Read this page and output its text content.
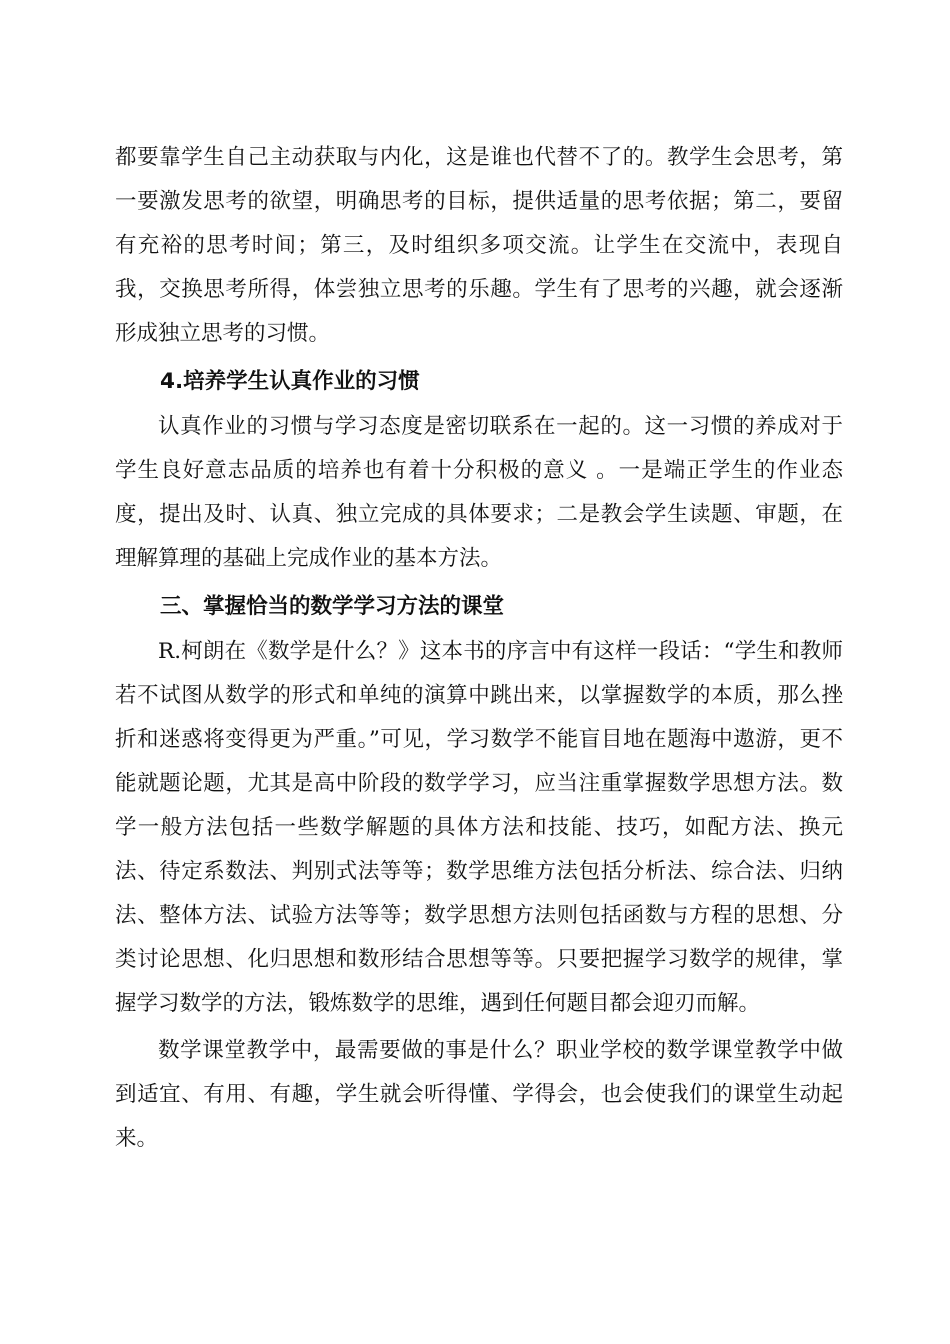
都要靠学生自己主动获取与内化，这是谁也代替不了的。教学生会思考，第一要激发思考的欲望，明确思考的目标，提供适量的思考依据；第二，要留有充裕的思考时间；第三，及时组织多项交流。让学生在交流中，表现自我，交换思考所得，体尝独立思考的乐趣。学生有了思考的兴趣，就会逐渐形成独立思考的习惯。

4.培养学生认真作业的习惯

认真作业的习惯与学习态度是密切联系在一起的。这一习惯的养成对于学生良好意志品质的培养也有着十分积极的意义 。一是端正学生的作业态度，提出及时、认真、独立完成的具体要求；二是教会学生读题、审题，在理解算理的基础上完成作业的基本方法。

三、掌握恰当的数学学习方法的课堂

R.柯朗在《数学是什么？》这本书的序言中有这样一段话：“学生和教师若不试图从数学的形式和单纯的演算中跳出来，以掌握数学的本质，那么挫折和迷惑将变得更为严重。”可见，学习数学不能盲目地在题海中遨游，更不能就题论题，尤其是高中阶段的数学学习，应当注重掌握数学思想方法。数学一般方法包括一些数学解题的具体方法和技能、技巧，如配方法、换元法、待定系数法、判别式法等等；数学思维方法包括分析法、综合法、归纳法、整体方法、试验方法等等；数学思想方法则包括函数与方程的思想、分类讨论思想、化归思想和数形结合思想等等。只要把握学习数学的规律，掌握学习数学的方法，锻炼数学的思维，遇到任何题目都会迎刃而解。

数学课堂教学中，最需要做的事是什么？职业学校的数学课堂教学中做到适宜、有用、有趣，学生就会听得懂、学得会，也会使我们的课堂生动起来。
